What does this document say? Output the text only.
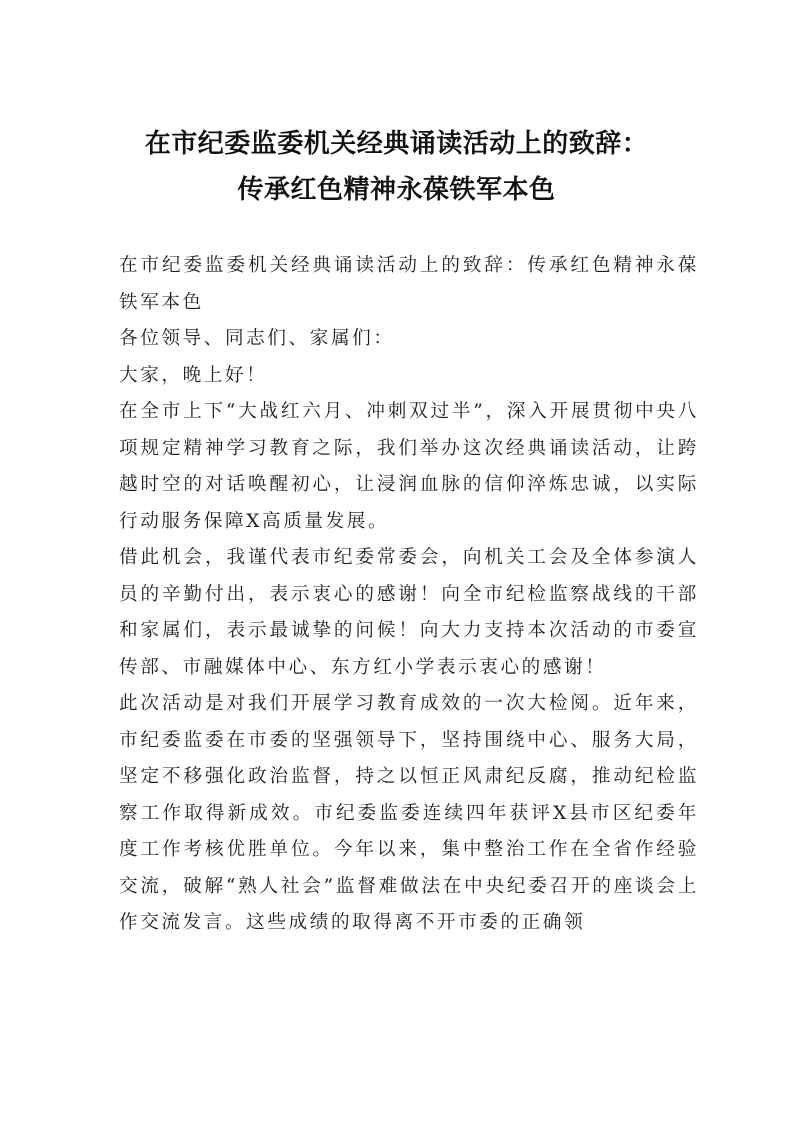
在市纪委监委机关经典诵读活动上的致辞：
传承红色精神永葆铁军本色

在市纪委监委机关经典诵读活动上的致辞：传承红色精神永葆铁军本色

各位领导、同志们、家属们：

大家，晚上好！

在全市上下“大战红六月、冲刺双过半”，深入开展贯彻中央八项规定精神学习教育之际，我们举办这次经典诵读活动，让跨越时空的对话唤醒初心，让浸润血脉的信仰淬炼忠诚，以实际行动服务保障X高质量发展。

借此机会，我谨代表市纪委常委会，向机关工会及全体参演人员的辛勤付出，表示衷心的感谢！向全市纪检监察战线的干部和家属们，表示最诚挚的问候！向大力支持本次活动的市委宣传部、市融媒体中心、东方红小学表示衷心的感谢！

此次活动是对我们开展学习教育成效的一次大检阅。近年来，市纪委监委在市委的坚强领导下，坚持围绕中心、服务大局，坚定不移强化政治监督，持之以恒正风肃纪反腐，推动纪检监察工作取得新成效。市纪委监委连续四年获评X县市区纪委年度工作考核优胜单位。今年以来，集中整治工作在全省作经验交流，破解“熟人社会”监督难做法在中央纪委召开的座谈会上作交流发言。这些成绩的取得离不开市委的正确领
